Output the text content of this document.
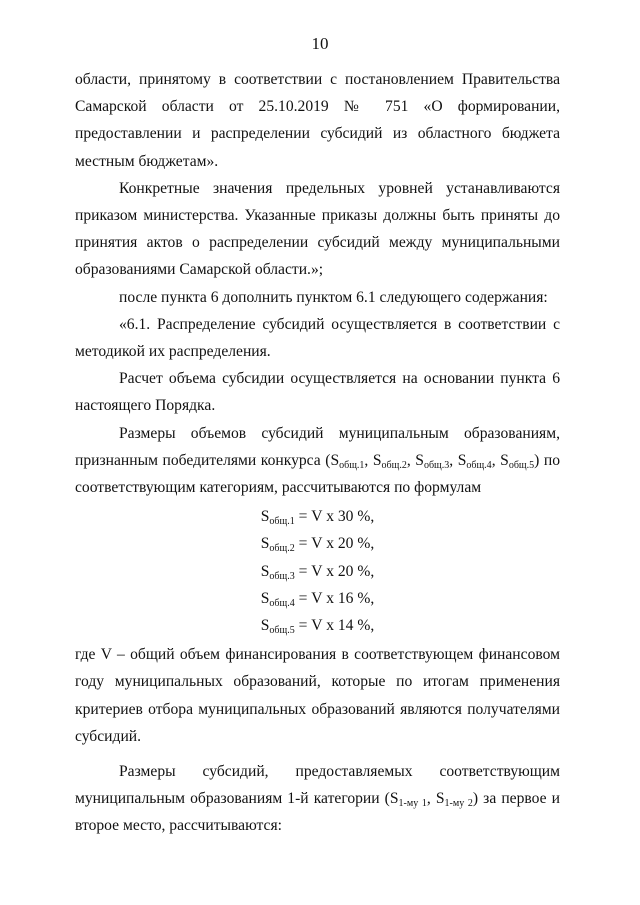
10
области, принятому в соответствии с постановлением Правительства
Самарской области от 25.10.2019 № 751 «О формировании,
предоставлении и распределении субсидий из областного бюджета
местным бюджетам».
Конкретные значения предельных уровней устанавливаются
приказом министерства. Указанные приказы должны быть приняты до
принятия актов о распределении субсидий между муниципальными
образованиями Самарской области.»;
после пункта 6 дополнить пунктом 6.1 следующего содержания:
«6.1. Распределение субсидий осуществляется в соответствии с
методикой их распределения.
Расчет объема субсидии осуществляется на основании пункта 6
настоящего Порядка.
Размеры объемов субсидий муниципальным образованиям,
признанным победителями конкурса ($S_{общ.1}$, $S_{общ.2}$, $S_{общ.3}$, $S_{общ.4}$, $S_{общ.5}$) по
соответствующим категориям, рассчитываются по формулам
$S_{общ.1} = V$ x 30 %,
$S_{общ.2} = V$ x 20 %,
$S_{общ.3} = V$ x 20 %,
$S_{общ.4} = V$ x 16 %,
$S_{общ.5} = V$ x 14 %,
где V – общий объем финансирования в соответствующем финансовом
году муниципальных образований, которые по итогам применения
критериев отбора муниципальных образований являются получателями
субсидий.
Размеры субсидий, предоставляемых соответствующим
муниципальным образованиям 1-й категории ($S_{1-му 1}$, $S_{1-му 2}$) за первое и
второе место, рассчитываются:
